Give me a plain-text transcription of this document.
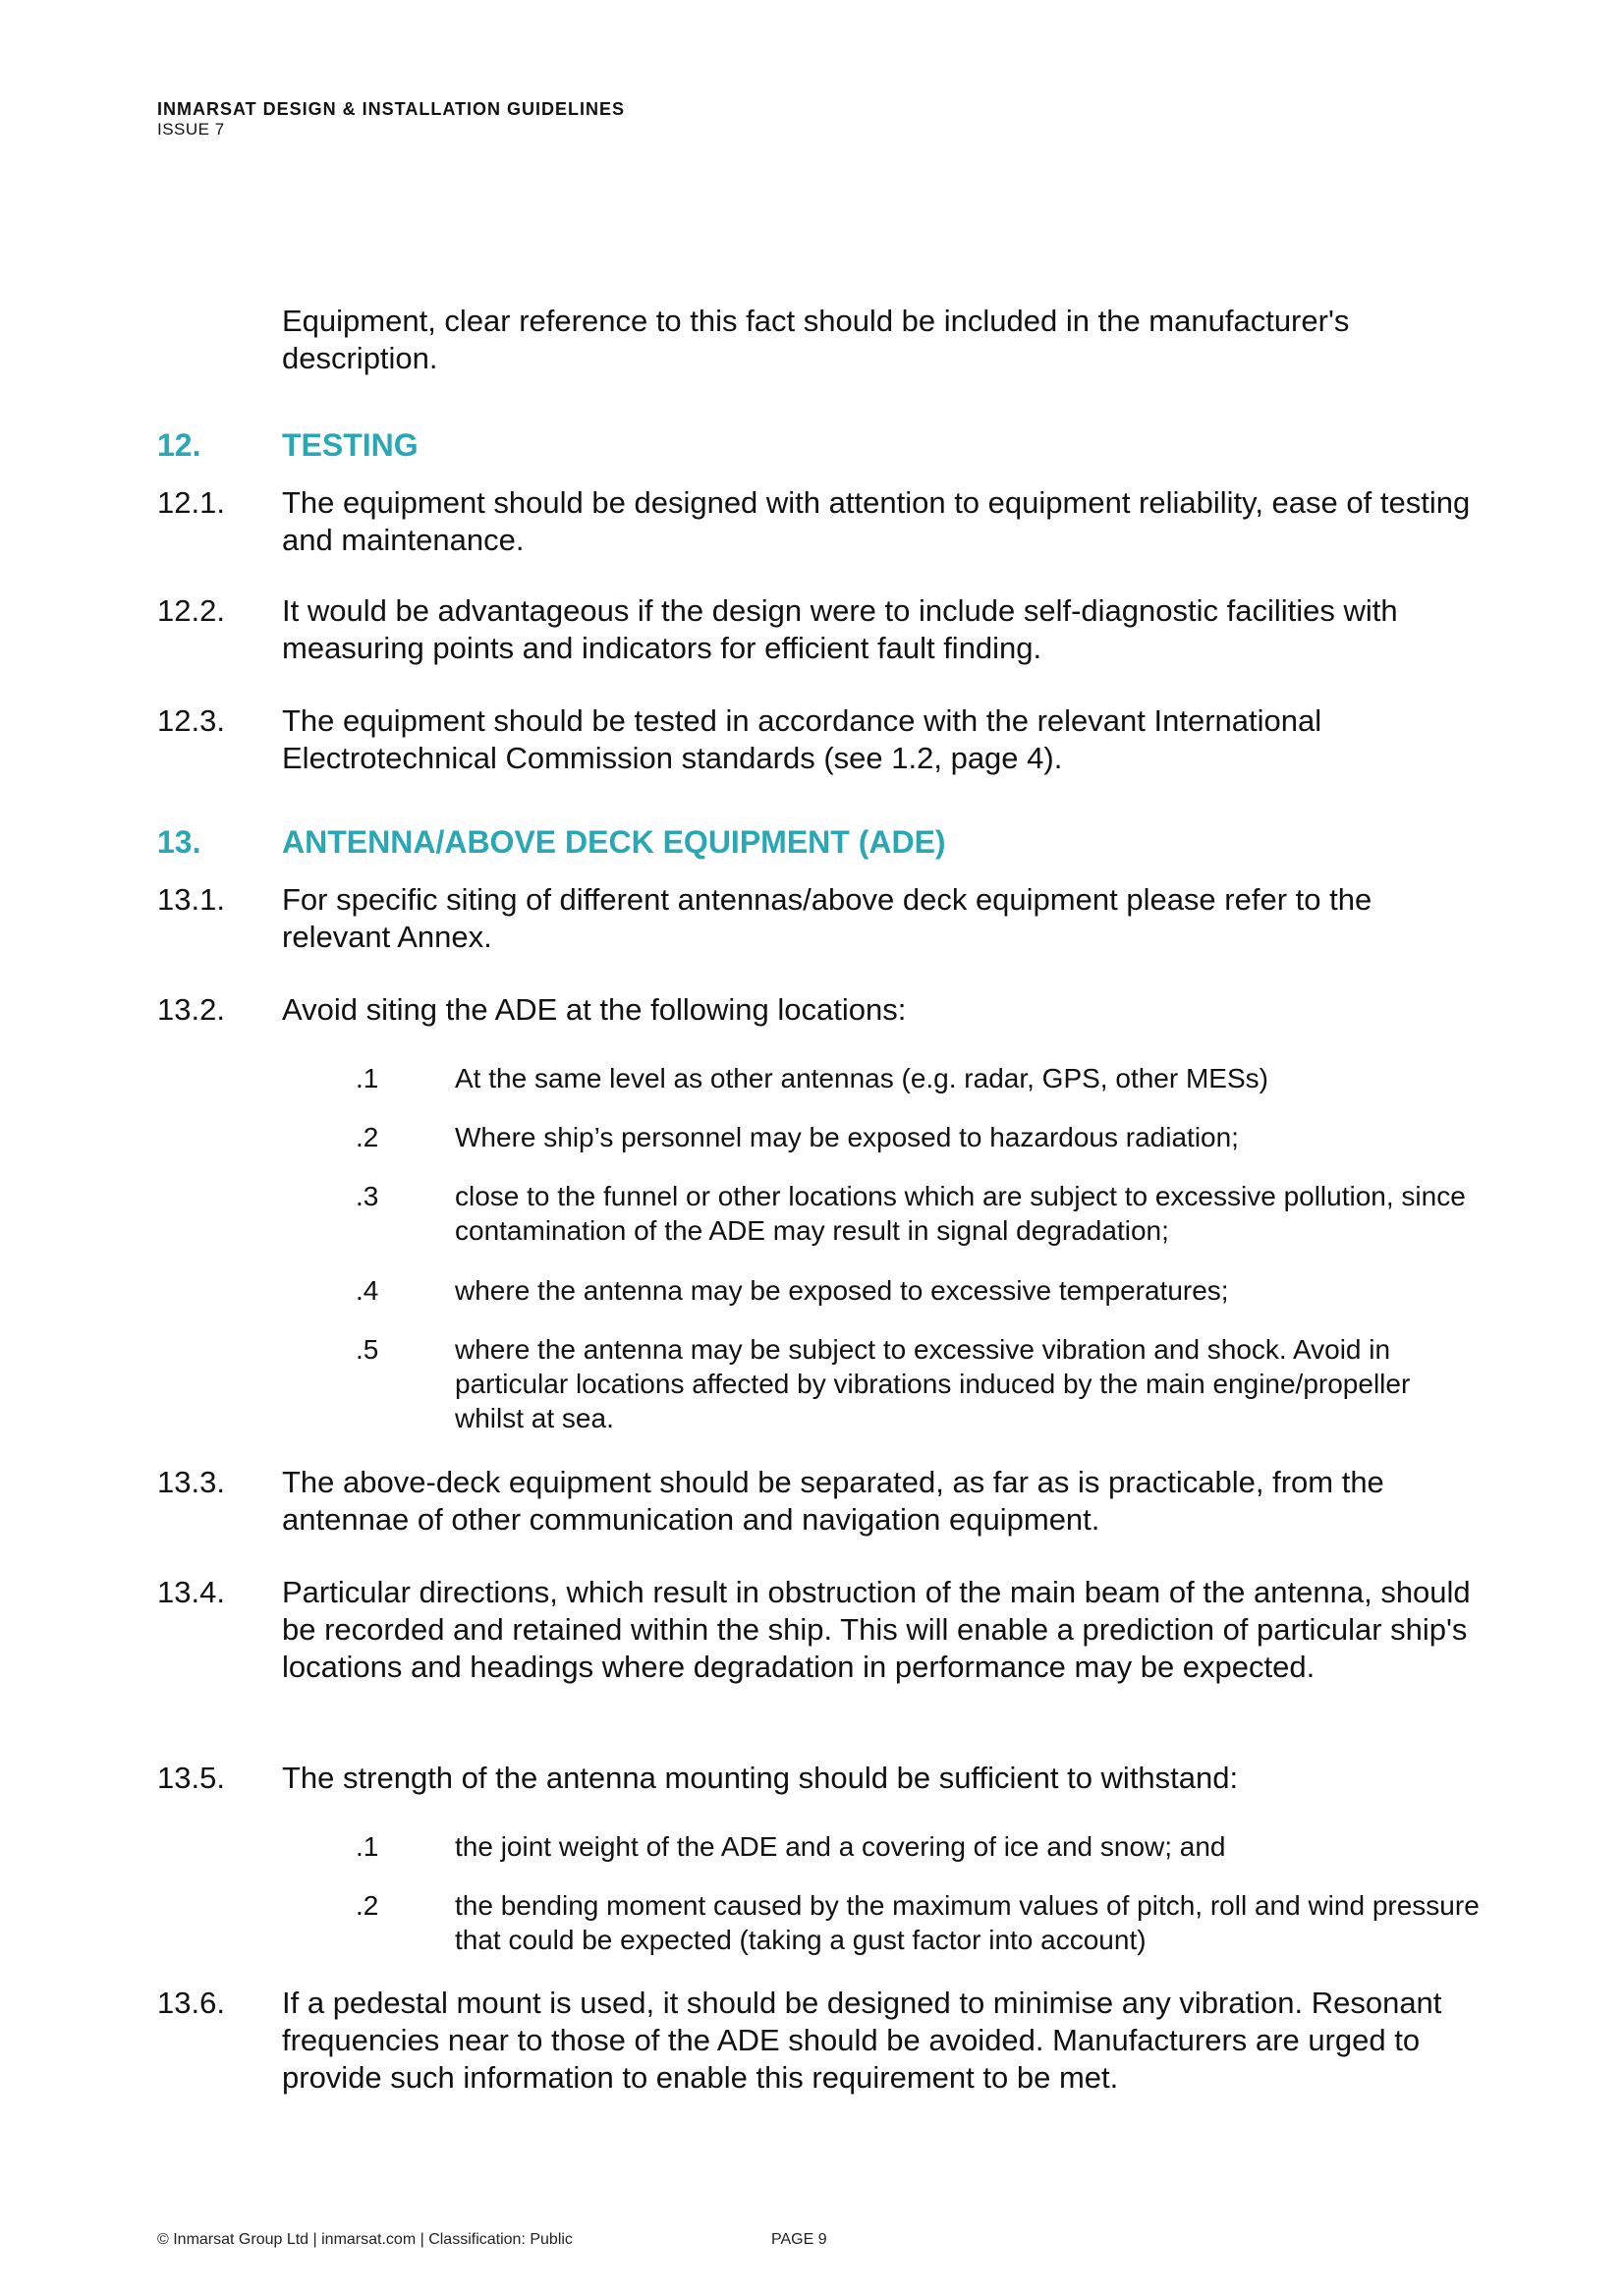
INMARSAT DESIGN & INSTALLATION GUIDELINES
ISSUE 7
Equipment, clear reference to this fact should be included in the manufacturer's description.
12.	TESTING
12.1. The equipment should be designed with attention to equipment reliability, ease of testing and maintenance.
12.2. It would be advantageous if the design were to include self-diagnostic facilities with measuring points and indicators for efficient fault finding.
12.3. The equipment should be tested in accordance with the relevant International Electrotechnical Commission standards (see 1.2, page 4).
13.	ANTENNA/ABOVE DECK EQUIPMENT (ADE)
13.1. For specific siting of different antennas/above deck equipment please refer to the relevant Annex.
13.2. Avoid siting the ADE at the following locations:
.1	At the same level as other antennas (e.g. radar, GPS, other MESs)
.2	Where ship’s personnel may be exposed to hazardous radiation;
.3	close to the funnel or other locations which are subject to excessive pollution, since contamination of the ADE may result in signal degradation;
.4	where the antenna may be exposed to excessive temperatures;
.5	where the antenna may be subject to excessive vibration and shock. Avoid in particular locations affected by vibrations induced by the main engine/propeller whilst at sea.
13.3. The above-deck equipment should be separated, as far as is practicable, from the antennae of other communication and navigation equipment.
13.4. Particular directions, which result in obstruction of the main beam of the antenna, should be recorded and retained within the ship. This will enable a prediction of particular ship's locations and headings where degradation in performance may be expected.
13.5. The strength of the antenna mounting should be sufficient to withstand:
.1	the joint weight of the ADE and a covering of ice and snow; and
.2	the bending moment caused by the maximum values of pitch, roll and wind pressure that could be expected (taking a gust factor into account)
13.6. If a pedestal mount is used, it should be designed to minimise any vibration. Resonant frequencies near to those of the ADE should be avoided. Manufacturers are urged to provide such information to enable this requirement to be met.
© Inmarsat Group Ltd | inmarsat.com | Classification: Public	PAGE 9
